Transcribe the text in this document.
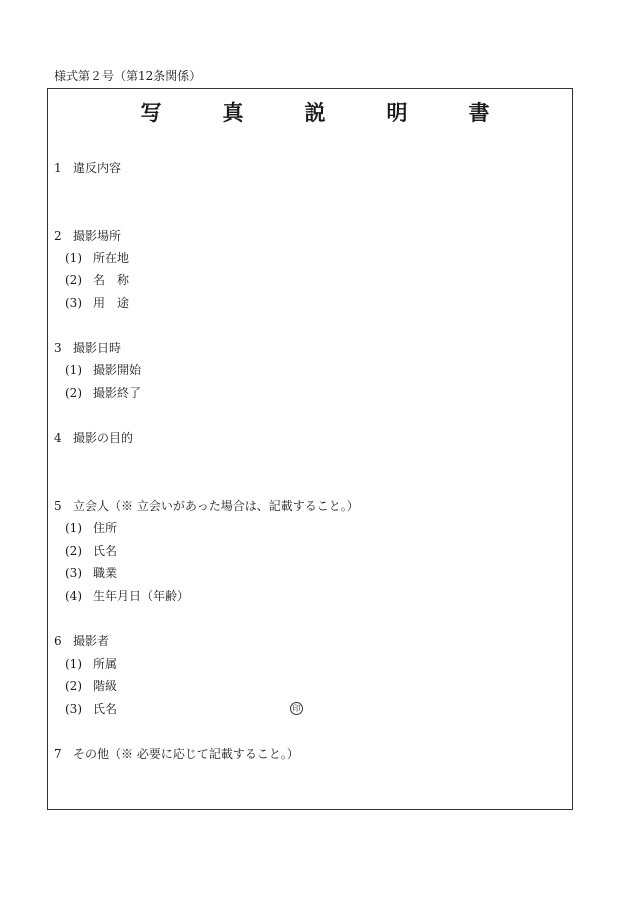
様式第２号（第12条関係）
写　真　説　明　書
1 違反内容
2 撮影場所
(1) 所在地
(2) 名　称
(3) 用　途
3 撮影日時
(1) 撮影開始
(2) 撮影終了
4 撮影の目的
5 立会人（※ 立会いがあった場合は、記載すること。）
(1) 住所
(2) 氏名
(3) 職業
(4) 生年月日（年齢）
6 撮影者
(1) 所属
(2) 階級
(3) 氏名	印
7 その他（※ 必要に応じて記載すること。）
